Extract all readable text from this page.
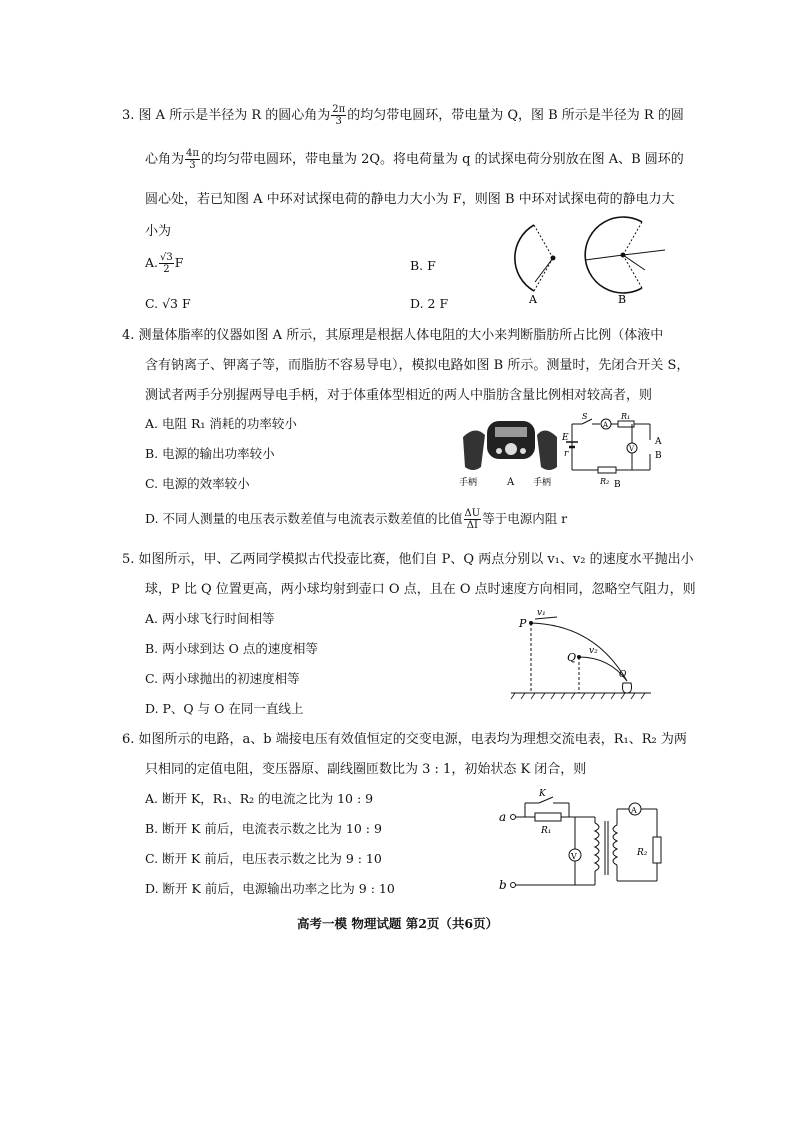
3. 图 A 所示是半径为 R 的圆心角为 $\frac{2\pi}{3}$ 的均匀带电圆环，带电量为 Q，图 B 所示是半径为 R 的圆
心角为 $\frac{4\pi}{3}$ 的均匀带电圆环，带电量为 2Q。将电荷量为 q 的试探电荷分别放在图 A、B 圆环的
圆心处，若已知图 A 中环对试探电荷的静电力大小为 F，则图 B 中环对试探电荷的静电力大
小为
A. $\frac{√3}{2}$ F	B. F
C. √3 F	D. 2 F	A	B
4. 测量体脂率的仪器如图 A 所示，其原理是根据人体电阻的大小来判断脂肪所占比例（体液中
含有钠离子、钾离子等，而脂肪不容易导电），模拟电路如图 B 所示。测量时，先闭合开关 S，
测试者两手分别握两导电手柄，对于体重体型相近的两人中脂肪含量比例相对较高者，则
A. 电阻 R₁ 消耗的功率较小
B. 电源的输出功率较小
C. 电源的效率较小
D. 不同人测量的电压表示数差值与电流表示数差值的比值 $\frac{\Delta U}{\Delta I}$ 等于电源内阻 r
手柄	A 手柄
E
r
S
A
R₁
V
A
B
R₂ B
5. 如图所示，甲、乙两同学模拟古代投壶比赛，他们自 P、Q 两点分别以 v₁、v₂ 的速度水平抛出小
球，P 比 Q 位置更高，两小球均射到壶口 O 点，且在 O 点时速度方向相同，忽略空气阻力，则
A. 两小球飞行时间相等
B. 两小球到达 O 点的速度相等
C. 两小球抛出的初速度相等
D. P、Q 与 O 在同一直线上
P
v₁
Q v₂
O
6. 如图所示的电路，a、b 端接电压有效值恒定的交变电源，电表均为理想交流电表，R₁、R₂ 为两
只相同的定值电阻，变压器原、副线圈匝数比为 3 : 1，初始状态 K 闭合，则
A. 断开 K，R₁、R₂ 的电流之比为 10 : 9
B. 断开 K 前后，电流表示数之比为 10 : 9
C. 断开 K 前后，电压表示数之比为 9 : 10
D. 断开 K 前后，电源输出功率之比为 9 : 10
a
R₁
K
V
b
A
R₂
高考一模 物理试题 第2页（共6页）
